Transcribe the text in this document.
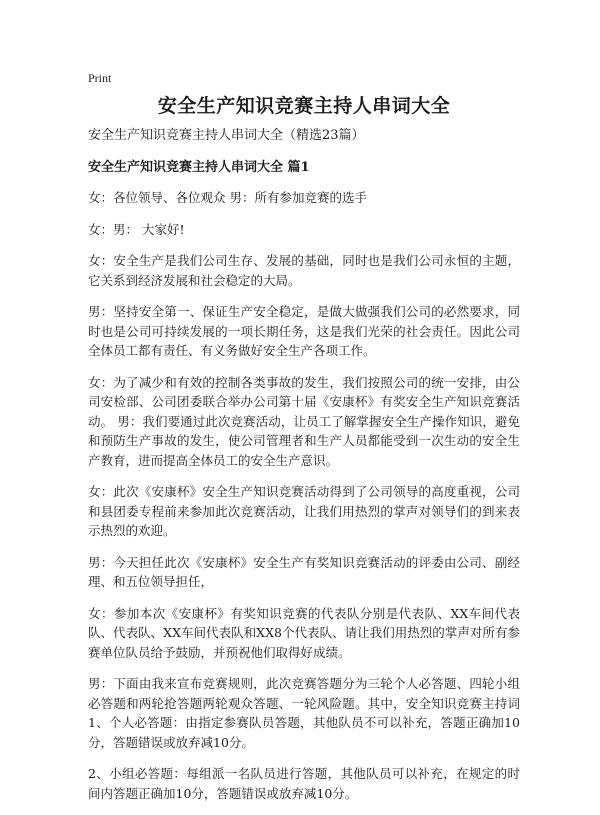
Print
安全生产知识竞赛主持人串词大全
安全生产知识竞赛主持人串词大全（精选23篇）
安全生产知识竞赛主持人串词大全 篇1

女：各位领导、各位观众 男：所有参加竞赛的选手

女：男： 大家好!

女：安全生产是我们公司生存、发展的基础，同时也是我们公司永恒的主题，它关系到经济发展和社会稳定的大局。

男：坚持安全第一、保证生产安全稳定，是做大做强我们公司的必然要求，同时也是公司可持续发展的一项长期任务，这是我们光荣的社会责任。因此公司全体员工都有责任、有义务做好安全生产各项工作。

女：为了减少和有效的控制各类事故的发生，我们按照公司的统一安排，由公司安检部、公司团委联合举办公司第十届《安康杯》有奖安全生产知识竞赛活动。 男：我们要通过此次竞赛活动，让员工了解掌握安全生产操作知识，避免和预防生产事故的发生，使公司管理者和生产人员都能受到一次生动的安全生产教育，进而提高全体员工的安全生产意识。

女：此次《安康杯》安全生产知识竞赛活动得到了公司领导的高度重视，公司和县团委专程前来参加此次竞赛活动，让我们用热烈的掌声对领导们的到来表示热烈的欢迎。

男：今天担任此次《安康杯》安全生产有奖知识竞赛活动的评委由公司、副经理、和五位领导担任，

女：参加本次《安康杯》有奖知识竞赛的代表队分别是代表队、XX车间代表队、代表队、XX车间代表队和XX8个代表队、请让我们用热烈的掌声对所有参赛单位队员给予鼓励，并预祝他们取得好成绩。

男：下面由我来宣布竞赛规则，此次竞赛答题分为三轮个人必答题、四轮小组必答题和两轮抢答题两轮观众答题、一轮风险题。其中，安全知识竞赛主持词1、个人必答题：由指定参赛队员答题，其他队员不可以补充，答题正确加10分，答题错误或放弃减10分。

2、小组必答题：每组派一名队员进行答题，其他队员可以补充，在规定的时间内答题正确加10分，答题错误或放弃减10分。
